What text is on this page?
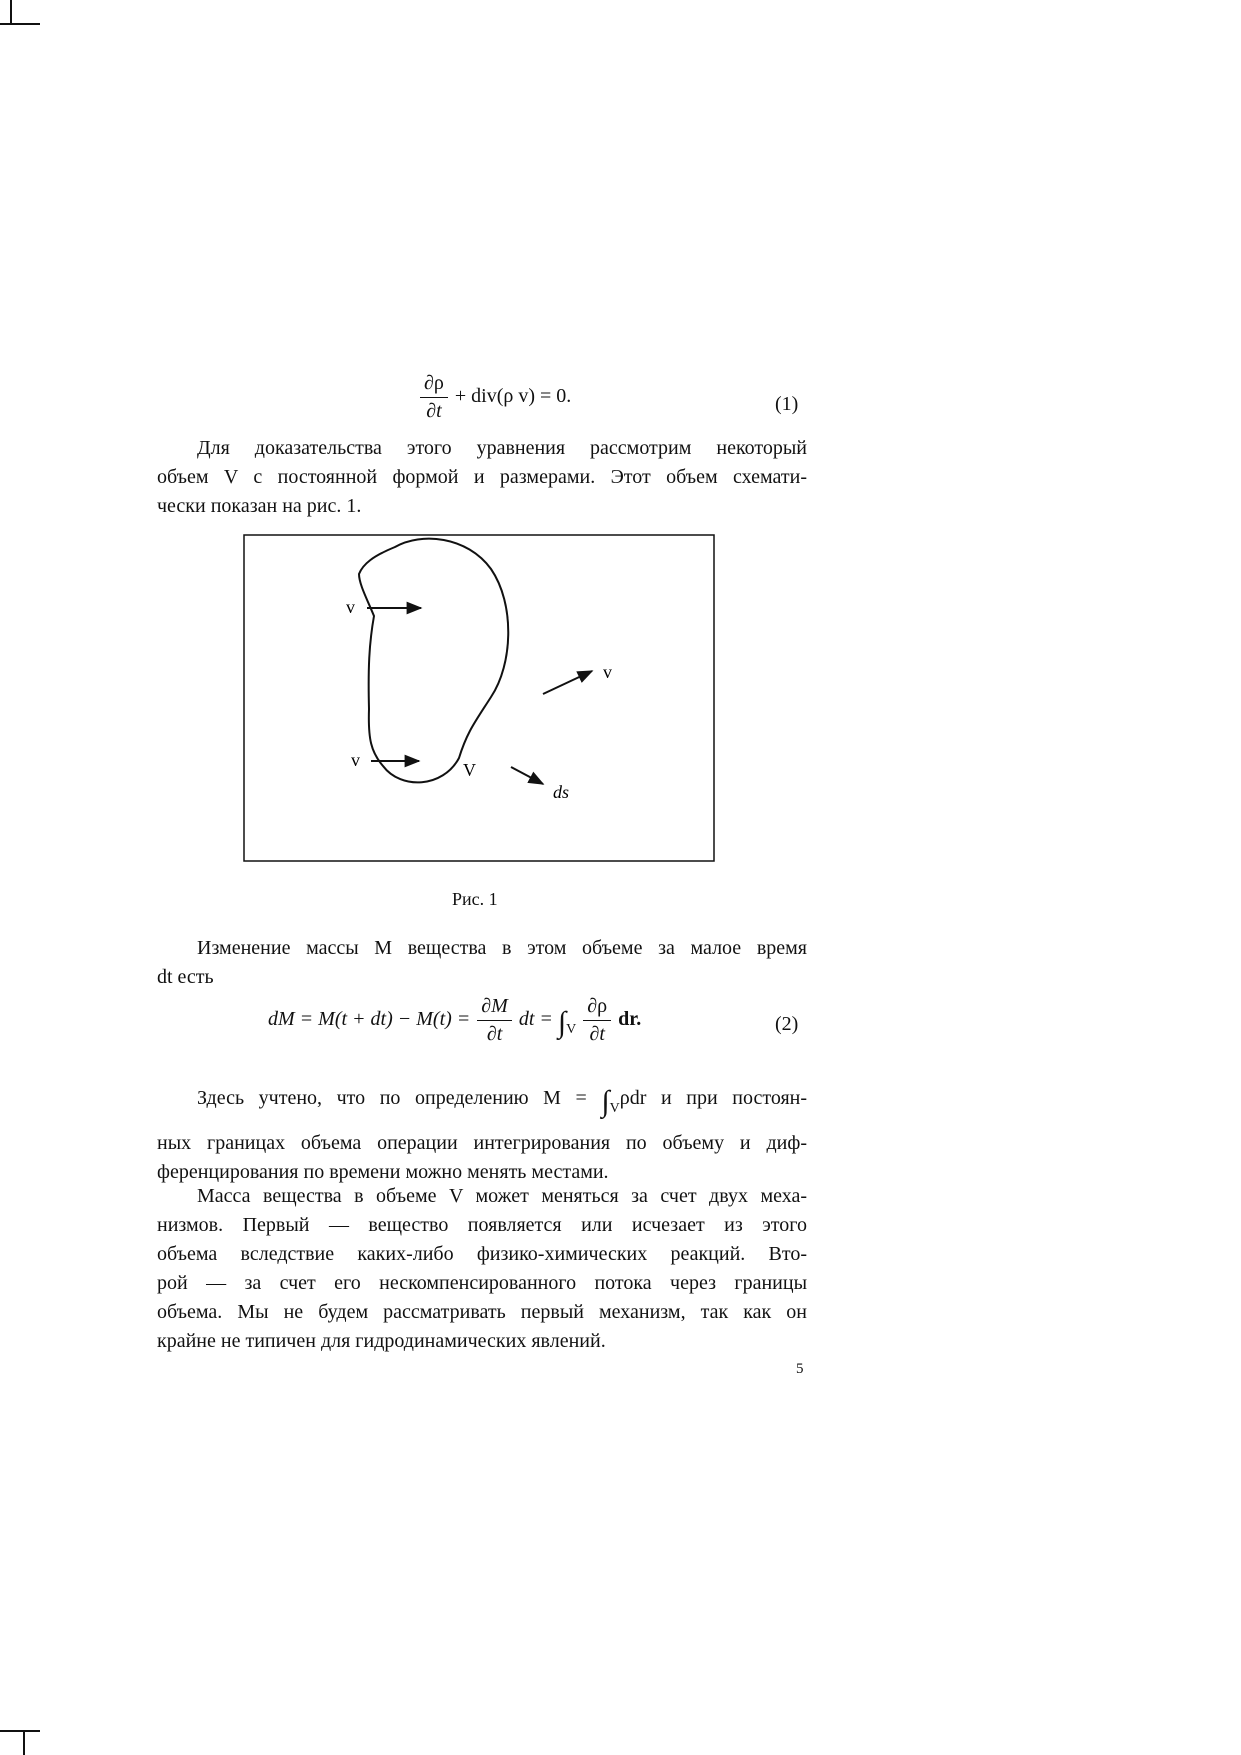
$\frac{\partial\rho}{\partial t} + div(\rho$ v) = 0.	(1)
Для доказательства этого уравнения рассмотрим некоторый
объем V с постоянной формой и размерами. Этот объем схемати-
чески показан на рис. 1.
v
v
v	V
ds
Рис. 1
Изменение массы M вещества в этом объеме за малое время
dt есть
dM = $M(t + dt) - M(t) = \frac{\partial M}{\partial t}$ dt = $\int_V \frac{\partial\rho}{\partial t}$ dr.	(2)
Здесь учтено, что по определению $M = \int_V\rho dr$ и при постоян-
ных границах объема операции интегрирования по объему и диф-
ференцирования по времени можно менять местами.
Масса вещества в объеме V может меняться за счет двух меха-
низмов. Первый — вещество появляется или исчезает из этого
объема вследствие каких-либо физико-химических реакций. Вто-
рой — за счет его нескомпенсированного потока через границы
объема. Мы не будем рассматривать первый механизм, так как он
крайне не типичен для гидродинамических явлений.
5
